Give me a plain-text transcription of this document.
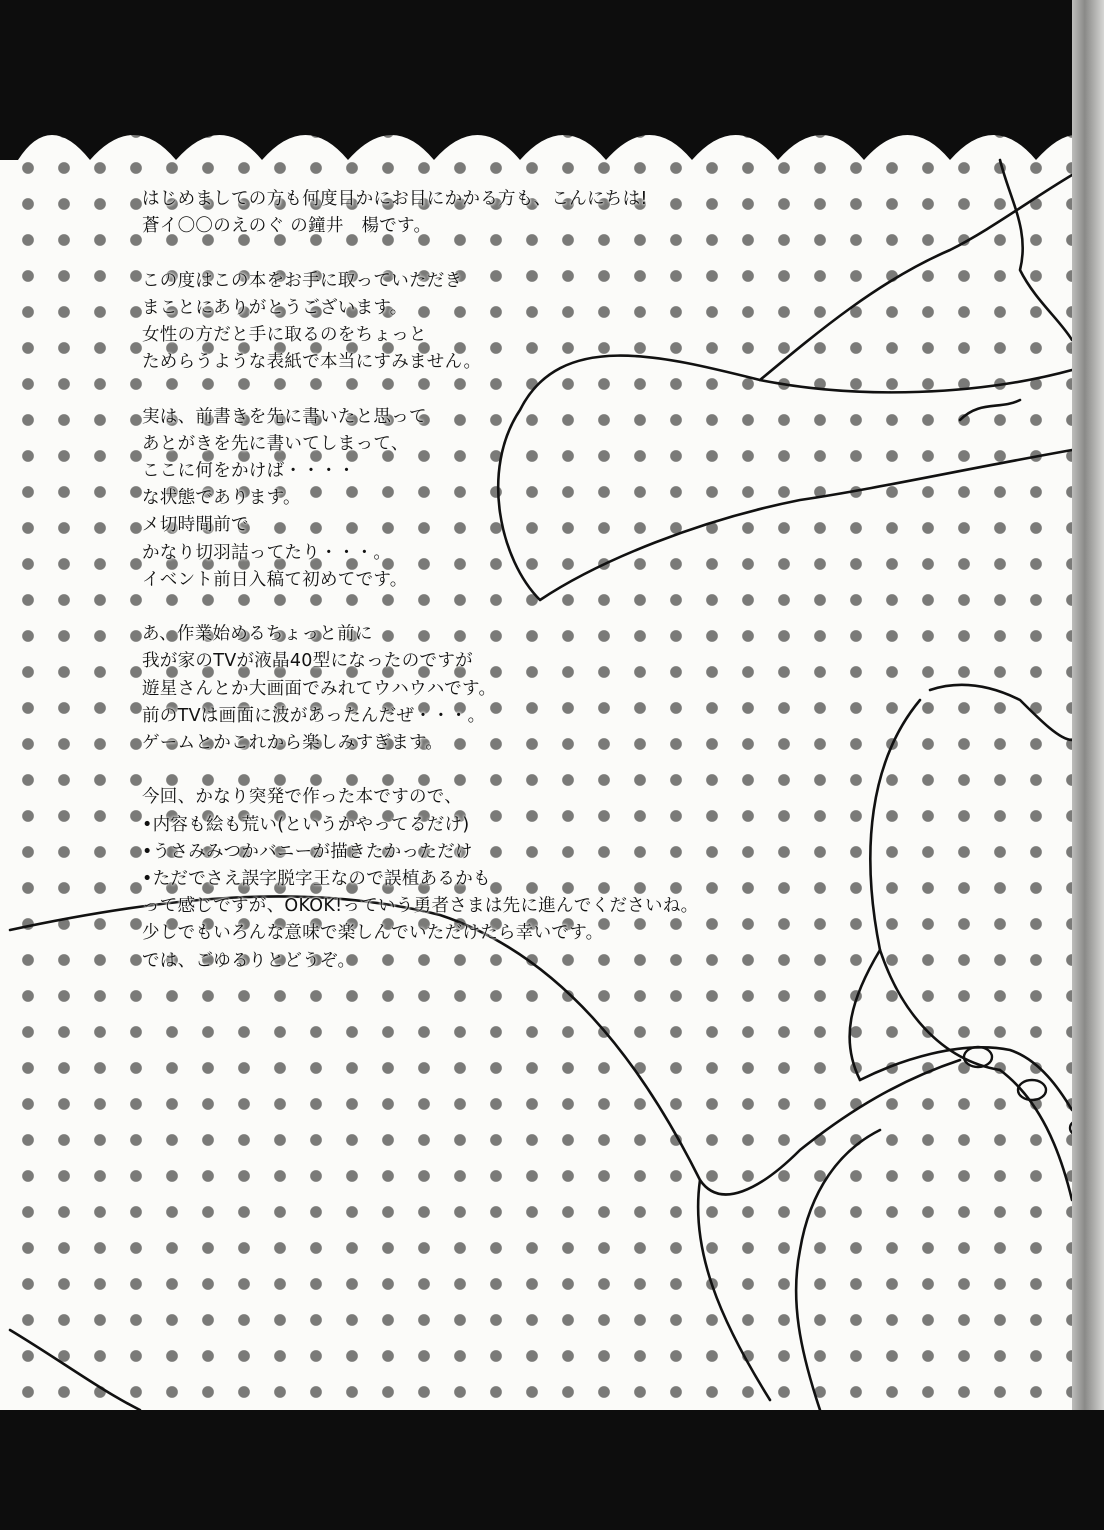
はじめましての方も何度目かにお目にかかる方も、こんにちは!
蒼イ〇〇のえのぐ の鐘井　楊です。
この度はこの本をお手に取っていただき
まことにありがとうございます。
女性の方だと手に取るのをちょっと
ためらうような表紙で本当にすみません。
実は、前書きを先に書いたと思って
あとがきを先に書いてしまって、
ここに何をかけば・・・・
な状態であります。
メ切時間前で
かなり切羽詰ってたり・・・。
イベント前日入稿て初めてです。
あ、作業始めるちょっと前に
我が家のTVが液晶40型になったのですが
遊星さんとか大画面でみれてウハウハです。
前のTVは画面に波があったんだぜ・・・。
ゲームとかこれから楽しみすぎます。
今回、かなり突発で作った本ですので、
•内容も絵も荒い(というかやってるだけ)
•うさみみつかバニーが描きたかっただけ
•ただでさえ誤字脱字王なので誤植あるかも
って感じですが、OKOK!っていう勇者さまは先に進んでくださいね。
少しでもいろんな意味で楽しんでいただけたら幸いです。
では、ごゆるりとどうぞ。
